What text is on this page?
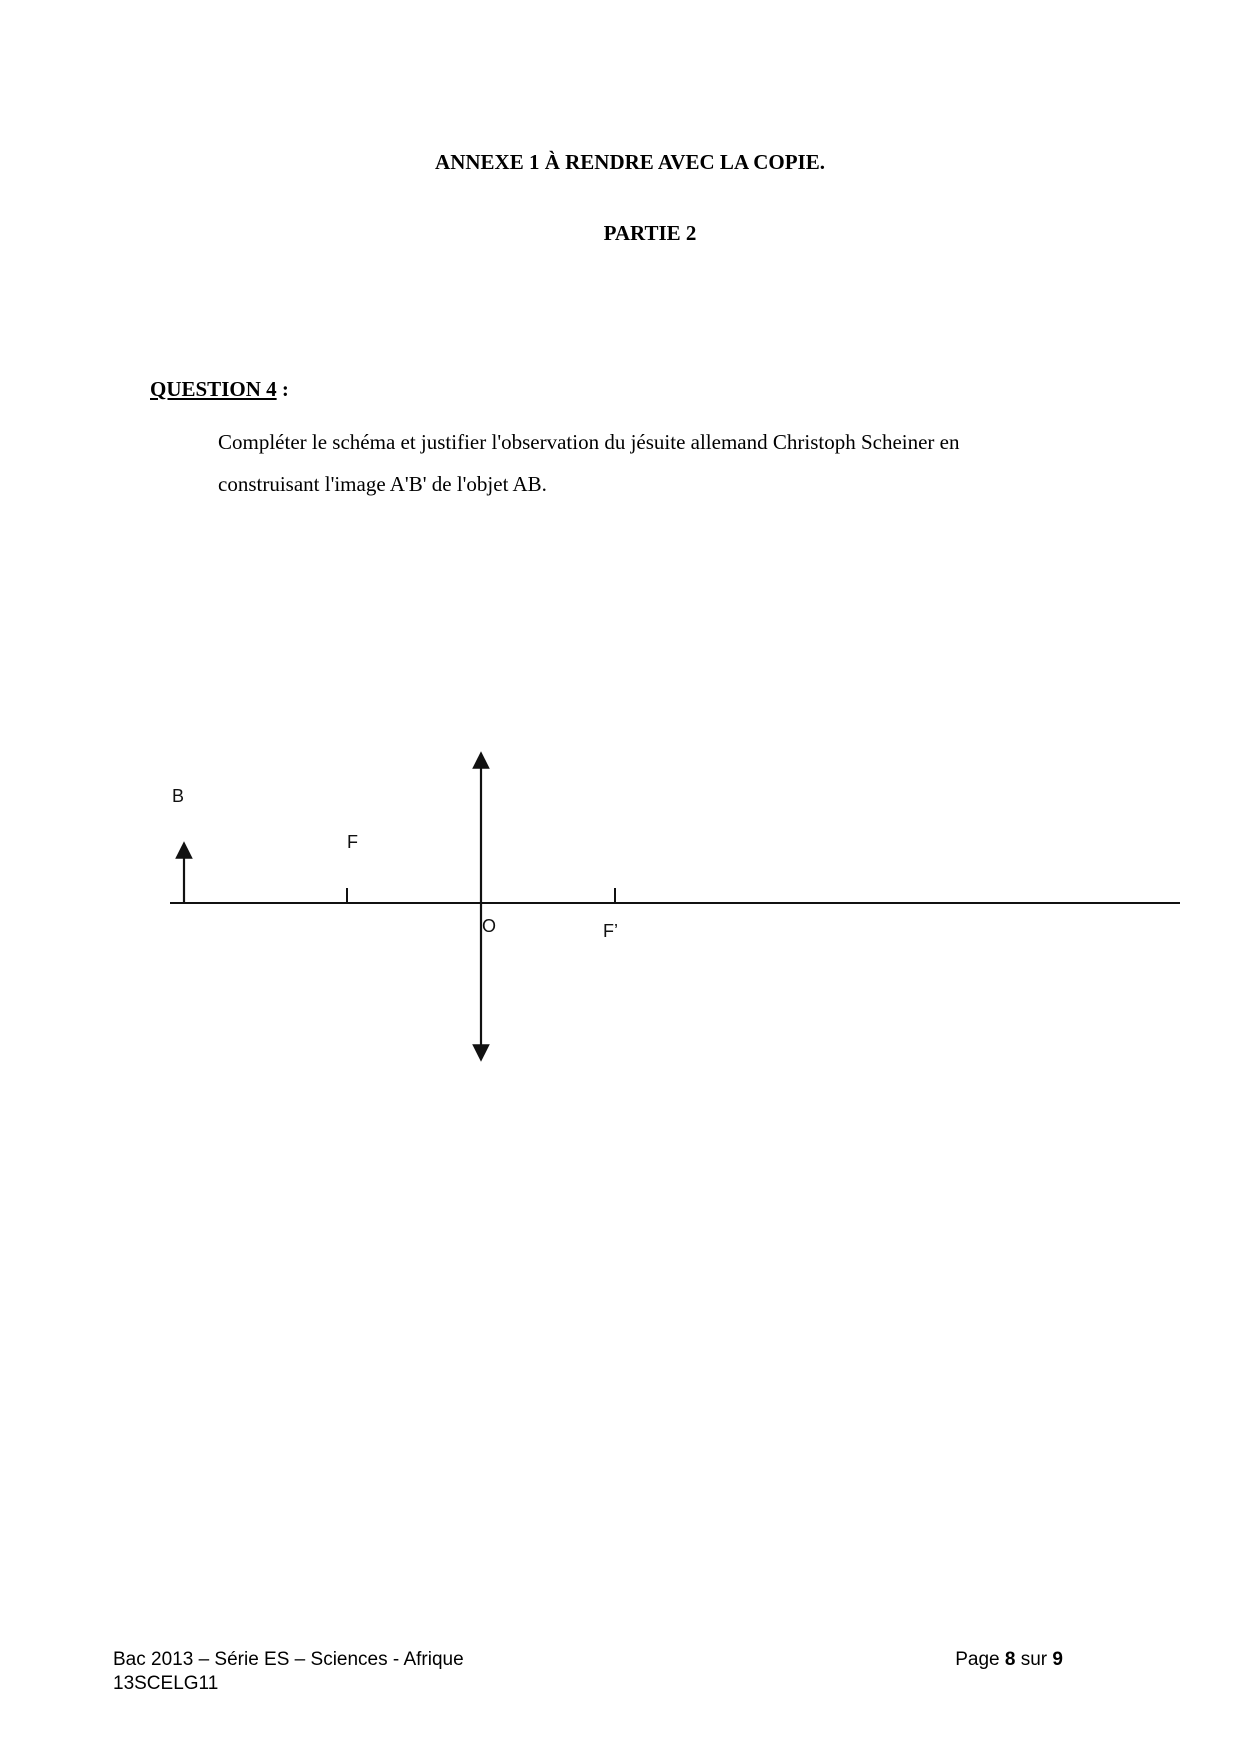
ANNEXE 1 À RENDRE AVEC LA COPIE.
PARTIE 2
QUESTION 4 :
Compléter le schéma et justifier l'observation du jésuite allemand Christoph Scheiner en
construisant l'image A'B' de l'objet AB.
B
F
O	F’
Bac 2013 – Série ES – Sciences - Afrique
13SCELG11
Page 8 sur 9
